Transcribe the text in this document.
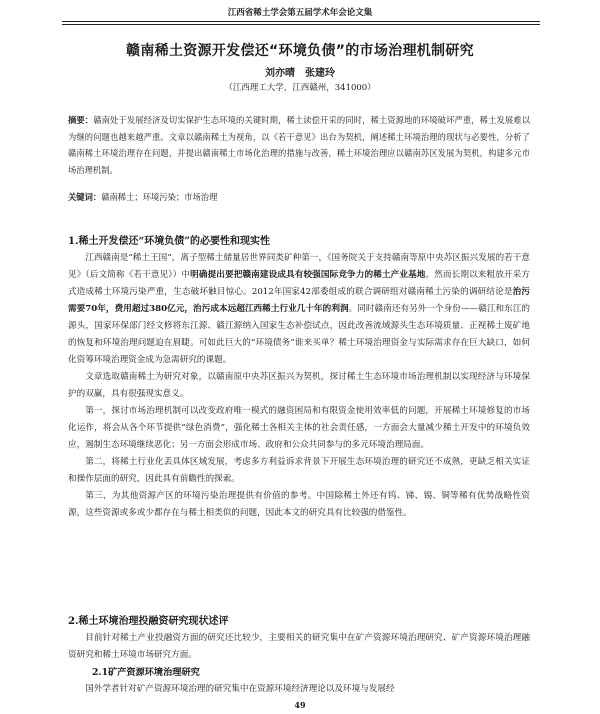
江西省稀土学会第五届学术年会论文集
赣南稀土资源开发偿还“环境负债”的市场治理机制研究
刘亦晴　张建玲
（江西理工大学，江西赣州，341000）
摘要：赣南处于发展经济及切实保护生态环境的关键时期，稀土读偿开采的同时，稀土资源地的环境破坏严重，稀土发展难以为继的问题也越来越严重。文章以赣南稀土为视角，以《若干意见》出台为契机，阐述稀土环境治理的现状与必要性，分析了赣南稀土环境治理存在问题，并提出赣南稀土市场化治理的措施与改善，稀土环境治理应以赣南苏区发展为契机，构建多元市场治理机制。
关键词：赣南稀土；环境污染；市场治理
1.稀土开发偿还“环境负债”的必要性和现实性

江西赣南是“稀土王国”，离子型稀土储量居世界同类矿种第一，《国务院关于支持赣南等原中央苏区振兴发展的若干意见》（后文简称《若干意见》）中明确提出要把赣南建设成具有较强国际竞争力的稀土产业基地。然而长期以来粗放开采方式造成稀土环境污染严重，生态破坏触目惊心。2012年国家42部委组成的联合调研组对赣南稀土污染的调研结论是治污需要70年，费用超过380亿元，治污成本远超江西稀土行业几十年的利润。同时赣南还有另外一个身份——赣江和东江的源头，国家环保部门经文修将东江源、赣江源纳入国家生态补偿试点，因此改善流域源头生态环境质量、正视稀土废矿地的恢复和环境治理问题迫在眉睫。可如此巨大的“环境债务”谁来买单？稀土环境治理资金与实际需求存在巨大缺口，如何化资筹环境治理资金成为急需研究的课题。

文章选取赣南稀土为研究对象，以赣南原中央苏区振兴为契机，探讨稀土生态环境市场治理机制以实现经济与环境保护的双赢，具有很强现实意义。

第一，探讨市场治理机制可以改变政府唯一模式的融资困局和有限资金使用效率低的问题，开展稀土环境修复的市场化运作，将会从各个环节提供“绿色消费”，强化稀土各相关主体的社会责任感，一方面会大量减少稀土开发中的环境负效应，遏制生态环境继续恶化；另一方面会形成市场、政府和公众共同参与的多元环境治理局面。

第二，将稀土行业化丢具体区域发展，考虑多方利益诉求背景下开展生态环境治理的研究还不成熟，更缺乏相关实证和操作层面的研究，因此具有前瞻性的探索。

第三，为其他资源产区的环境污染治理提供有价值的参考。中国除稀土外还有钨、锑、锡、铜等稀有优势战略性资源，这些资源或多或少都存在与稀土相类似的问题，因此本文的研究具有比较强的借鉴性。

2.稀土环境治理投融资研究现状述评

目前针对稀土产业投融资方面的研究还比较少，主要相关的研究集中在矿产资源环境治理研究、矿产资源环境治理融资研究和稀土环境市场研究方面。

2.1矿产资源环境治理研究

国外学者针对矿产资源环境治理的研究集中在资源环境经济理论以及环境与发展经

49
